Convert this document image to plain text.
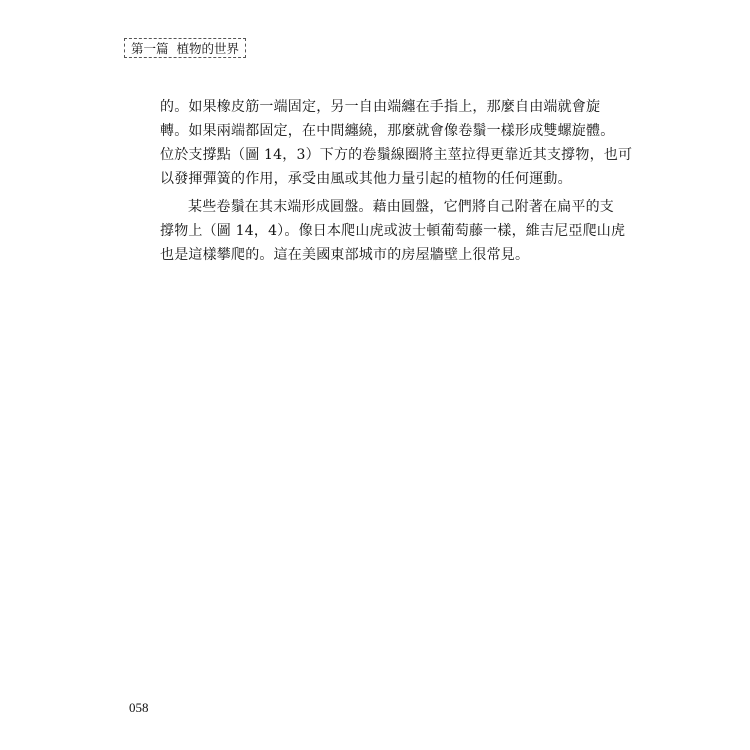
第一篇 植物的世界
的。如果橡皮筋一端固定，另一自由端纏在手指上，那麼自由端就會旋
轉。如果兩端都固定，在中間纏繞，那麼就會像卷鬚一樣形成雙螺旋體。
位於支撐點（圖 14，3）下方的卷鬚線圈將主莖拉得更靠近其支撐物，也可
以發揮彈簧的作用，承受由風或其他力量引起的植物的任何運動。
某些卷鬚在其末端形成圓盤。藉由圓盤，它們將自己附著在扁平的支
撐物上（圖 14，4）。像日本爬山虎或波士頓葡萄藤一樣，維吉尼亞爬山虎
也是這樣攀爬的。這在美國東部城市的房屋牆壁上很常見。
058
